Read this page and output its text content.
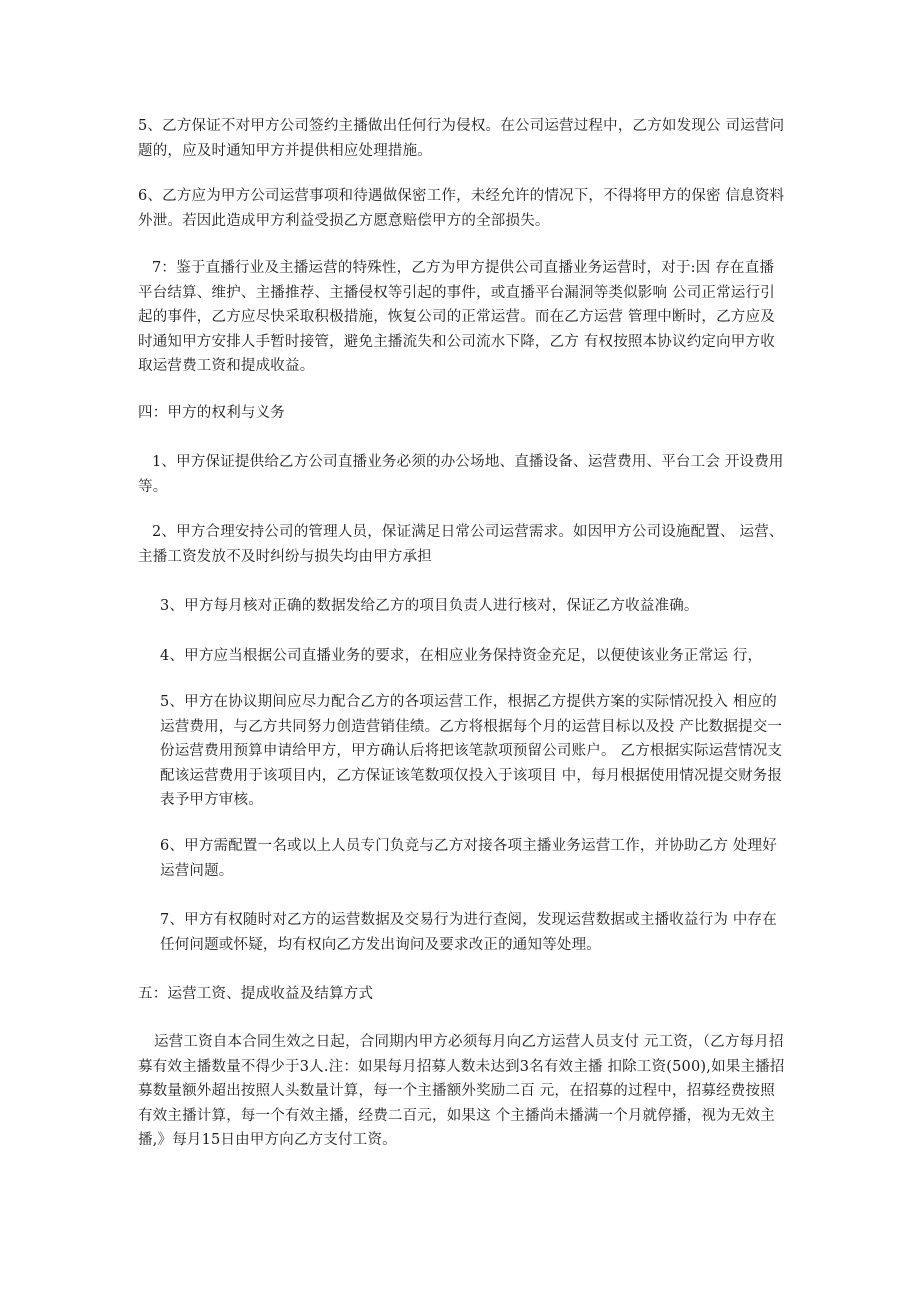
5、乙方保证不对甲方公司签约主播做出任何行为侵权。在公司运营过程中，乙方如发现公 司运营问题的，应及时通知甲方并提供相应处理措施。

6、乙方应为甲方公司运营事项和待遇做保密工作，未经允许的情况下，不得将甲方的保密 信息资料外泄。若因此造成甲方利益受损乙方愿意赔偿甲方的全部损失。

7：鉴于直播行业及主播运营的特殊性，乙方为甲方提供公司直播业务运营时，对于:因 存在直播平台结算、维护、主播推荐、主播侵权等引起的事件，或直播平台漏洞等类似影响 公司正常运行引起的事件，乙方应尽快采取积极措施，恢复公司的正常运营。而在乙方运营 管理中断时，乙方应及时通知甲方安排人手暂时接管，避免主播流失和公司流水下降，乙方 有权按照本协议约定向甲方收取运营费工资和提成收益。

四：甲方的权利与义务

1、甲方保证提供给乙方公司直播业务必须的办公场地、直播设备、运营费用、平台工会 开设费用等。

2、甲方合理安持公司的管理人员，保证满足日常公司运营需求。如因甲方公司设施配置、 运营、主播工资发放不及时纠纷与损失均由甲方承担

3、甲方每月核对正确的数据发给乙方的项目负责人进行核对，保证乙方收益准确。

4、甲方应当根据公司直播业务的要求，在相应业务保持资金充足，以便使该业务正常运 行，

5、甲方在协议期间应尽力配合乙方的各项运营工作，根据乙方提供方案的实际情况投入 相应的运营费用，与乙方共同努力创造营销佳绩。乙方将根据每个月的运营目标以及投 产比数据提交一份运营费用预算申请给甲方，甲方确认后将把该笔款项预留公司账户。 乙方根据实际运营情况支配该运营费用于该项目内，乙方保证该笔数项仅投入于该项目 中，每月根据使用情况提交财务报表予甲方审核。

6、甲方需配置一名或以上人员专门负竞与乙方对接各项主播业务运营工作，并协助乙方 处理好运营问题。

7、甲方有权随时对乙方的运营数据及交易行为进行查阅，发现运营数据或主播收益行为 中存在任何问题或怀疑，均有权向乙方发出询问及要求改正的通知等处理。

五：运营工资、提成收益及结算方式

运营工资自本合同生效之日起，合同期内甲方必须每月向乙方运营人员支付 元工资，（乙方每月招募有效主播数量不得少于3人.注：如果每月招募人数未达到3名有效主播 扣除工资(500),如果主播招募数量额外超出按照人头数量计算，每一个主播额外奖励二百 元，在招募的过程中，招募经费按照有效主播计算，每一个有效主播，经费二百元，如果这 个主播尚未播满一个月就停播，视为无效主播,》每月15日由甲方向乙方支付工资。
